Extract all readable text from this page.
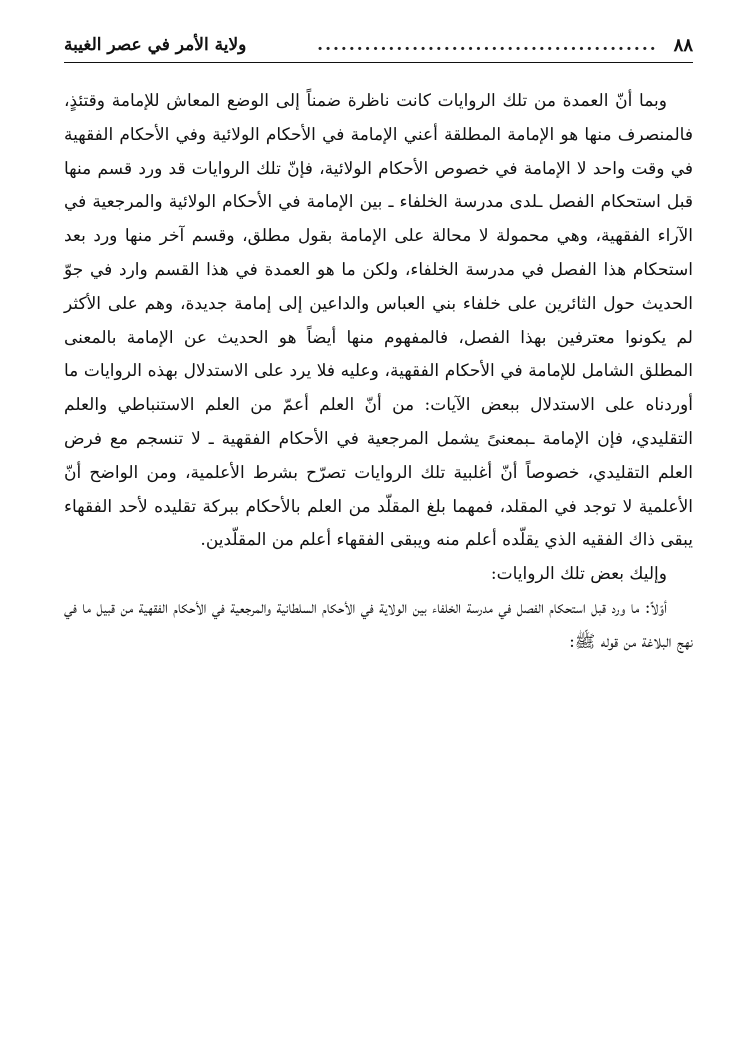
٨٨
...........................................
ولاية الأمر في عصر الغيبة

وبما أنّ العمدة من تلك الروايات كانت ناظرة ضمناً إلى الوضع المعاش للإمامة وقتئذٍ، فالمنصرف منها هو الإمامة المطلقة أعني الإمامة في الأحكام الولائية وفي الأحكام الفقهية في وقت واحد لا الإمامة في خصوص الأحكام الولائية، فإنّ تلك الروايات قد ورد قسم منها قبل استحكام الفصل ـلدى مدرسة الخلفاء ـ بين الإمامة في الأحكام الولائية والمرجعية في الآراء الفقهية، وهي محمولة لا محالة على الإمامة بقول مطلق، وقسم آخر منها ورد بعد استحكام هذا الفصل في مدرسة الخلفاء، ولكن ما هو العمدة في هذا القسم وارد في جوّ الحديث حول الثائرين على خلفاء بني العباس والداعين إلى إمامة جديدة، وهم على الأكثر لم يكونوا معترفين بهذا الفصل، فالمفهوم منها أيضاً هو الحديث عن الإمامة بالمعنى المطلق الشامل للإمامة في الأحكام الفقهية، وعليه فلا يرد على الاستدلال بهذه الروايات ما أوردناه على الاستدلال ببعض الآيات: من أنّ العلم أعمّ من العلم الاستنباطي والعلم التقليدي، فإن الإمامة ـبمعنىً يشمل المرجعية في الأحكام الفقهية ـ لا تنسجم مع فرض العلم التقليدي، خصوصاً أنّ أغلبية تلك الروايات تصرّح بشرط الأعلمية، ومن الواضح أنّ الأعلمية لا توجد في المقلد، فمهما بلغ المقلّد من العلم بالأحكام ببركة تقليده لأحد الفقهاء يبقى ذاك الفقيه الذي يقلّده أعلم منه ويبقى الفقهاء أعلم من المقلّدين.

وإليك بعض تلك الروايات:

أوّلاً: ما ورد قبل استحكام الفصل في مدرسة الخلفاء بين الولاية في الأحكام السلطانية والمرجعية في الأحكام الفقهية من قبيل ما في نهج البلاغة من قوله ﷺ:
